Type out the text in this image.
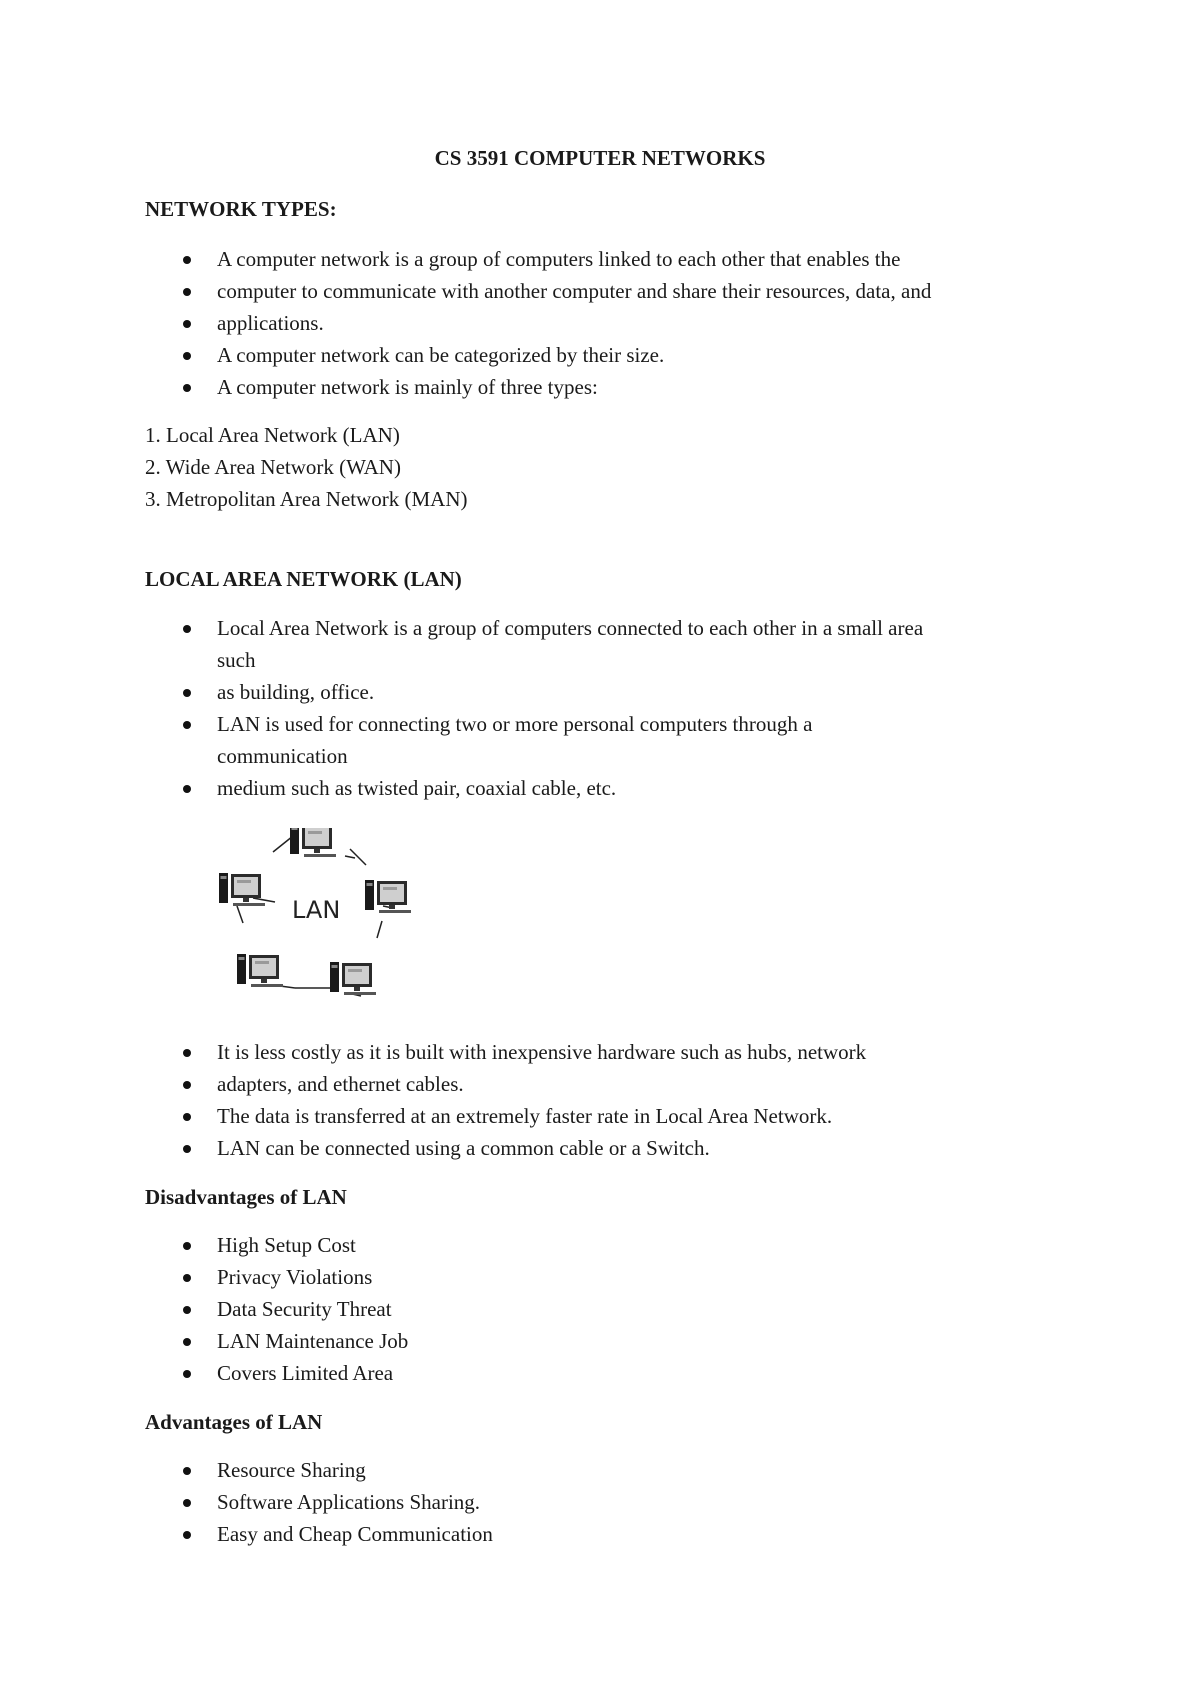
CS 3591 COMPUTER NETWORKS
NETWORK TYPES:
A computer network is a group of computers linked to each other that enables the
computer to communicate with another computer and share their resources, data, and
applications.
A computer network can be categorized by their size.
A computer network is mainly of three types:
1. Local Area Network (LAN)
2. Wide Area Network (WAN)
3. Metropolitan Area Network (MAN)
LOCAL AREA NETWORK (LAN)
Local Area Network is a group of computers connected to each other in a small area
such
as building, office.
LAN is used for connecting two or more personal computers through a
communication
medium such as twisted pair, coaxial cable, etc.
LAN
It is less costly as it is built with inexpensive hardware such as hubs, network
adapters, and ethernet cables.
The data is transferred at an extremely faster rate in Local Area Network.
LAN can be connected using a common cable or a Switch.
Disadvantages of LAN
High Setup Cost
Privacy Violations
Data Security Threat
LAN Maintenance Job
Covers Limited Area
Advantages of LAN
Resource Sharing
Software Applications Sharing.
Easy and Cheap Communication
